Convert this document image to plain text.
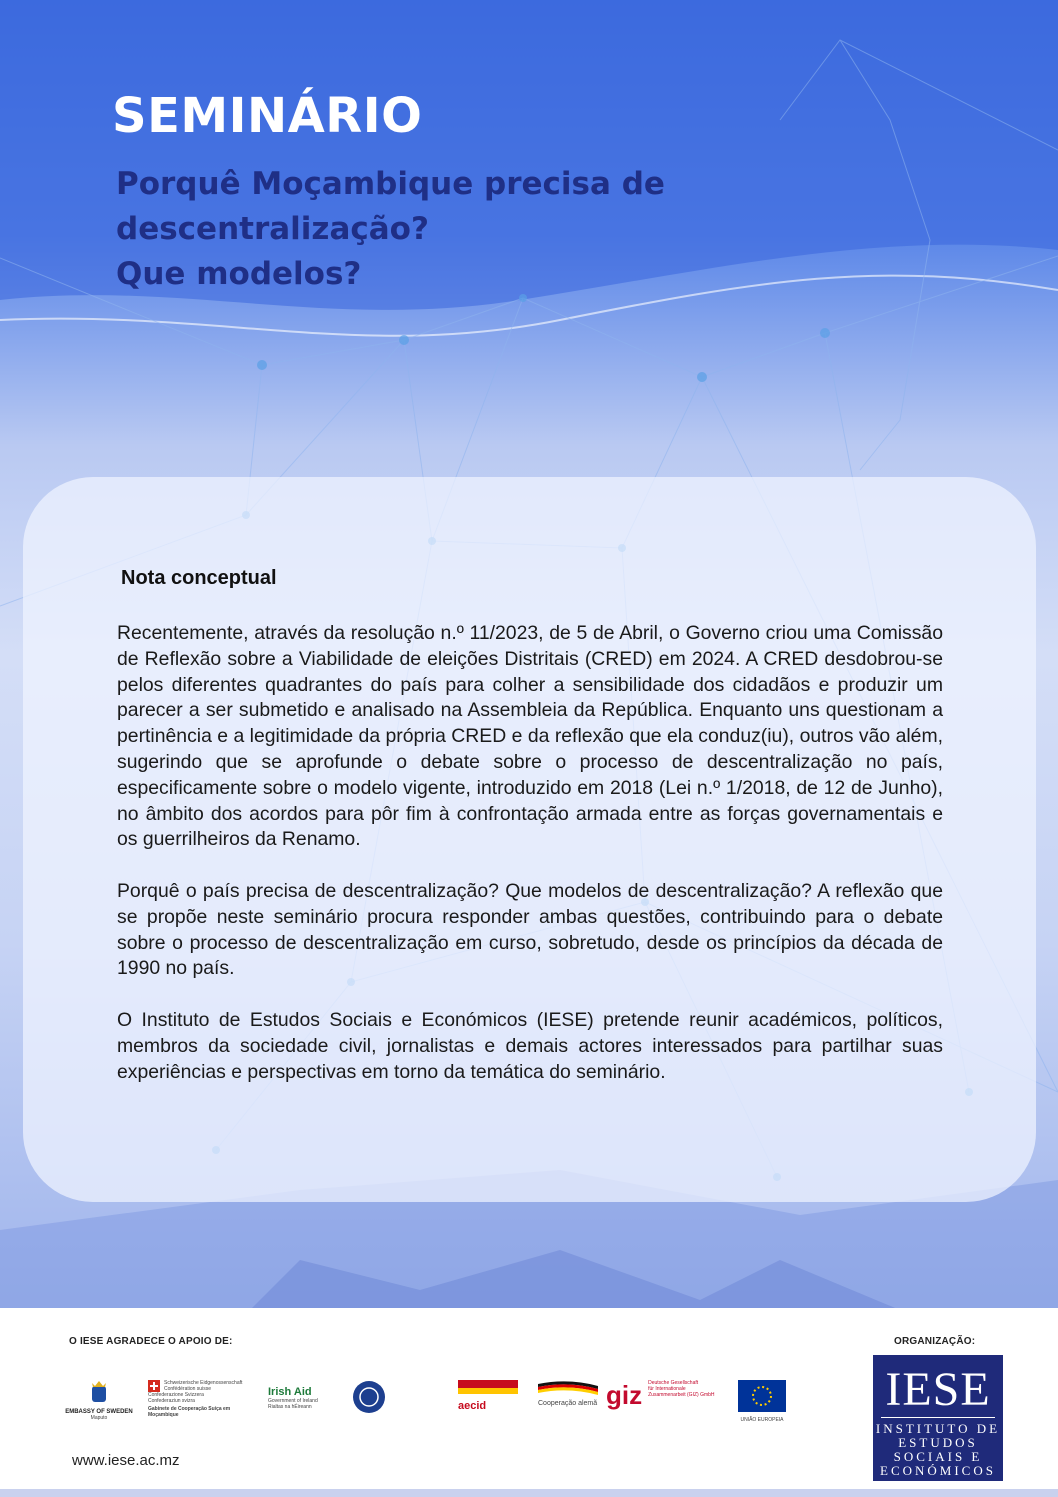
SEMINÁRIO
Porquê Moçambique precisa de descentralização?
Que modelos?
Nota conceptual

Recentemente, através da resolução n.º 11/2023, de 5 de Abril, o Governo criou uma Comissão de Reflexão sobre a Viabilidade de eleições Distritais (CRED) em 2024. A CRED desdobrou-se pelos diferentes quadrantes do país para colher a sensibilidade dos cidadãos e produzir um parecer a ser submetido e analisado na Assembleia da República. Enquanto uns questionam a pertinência e a legitimidade da própria CRED e da reflexão que ela conduz(iu), outros vão além, sugerindo que se aprofunde o debate sobre o processo de descentralização no país, especificamente sobre o modelo vigente, introduzido em 2018 (Lei n.º 1/2018, de 12 de Junho), no âmbito dos acordos para pôr fim à confrontação armada entre as forças governamentais e os guerrilheiros da Renamo.

Porquê o país precisa de descentralização? Que modelos de descentralização? A reflexão que se propõe neste seminário procura responder ambas questões, contribuindo para o debate sobre o processo de descentralização em curso, sobretudo, desde os princípios da década de 1990 no país.

O Instituto de Estudos Sociais e Económicos (IESE) pretende reunir académicos, políticos, membros da sociedade civil, jornalistas e demais actores interessados para partilhar suas experiências e perspectivas em torno da temática do seminário.

O IESE AGRADECE O APOIO DE:	ORGANIZAÇÃO:
EMBASSY OF SWEDEN
Maputo
Schweizerische Eidgenossenschaft
Confédération suisse
Confederazione Svizzera
Confederaziun svizra
Gabinete de Cooperação Suíça em Moçambique
Irish Aid
Government of Ireland
Rialtas na hÉireann	aecid	Cooperação alemã giz	Deutsche Gesellschaft
für Internationale
Zusammenarbeit (GIZ) GmbH
UNIÃO EUROPEIA
www.iese.ac.mz
IESE
INSTITUTO DE
ESTUDOS
SOCIAIS E
ECONÓMICOS
